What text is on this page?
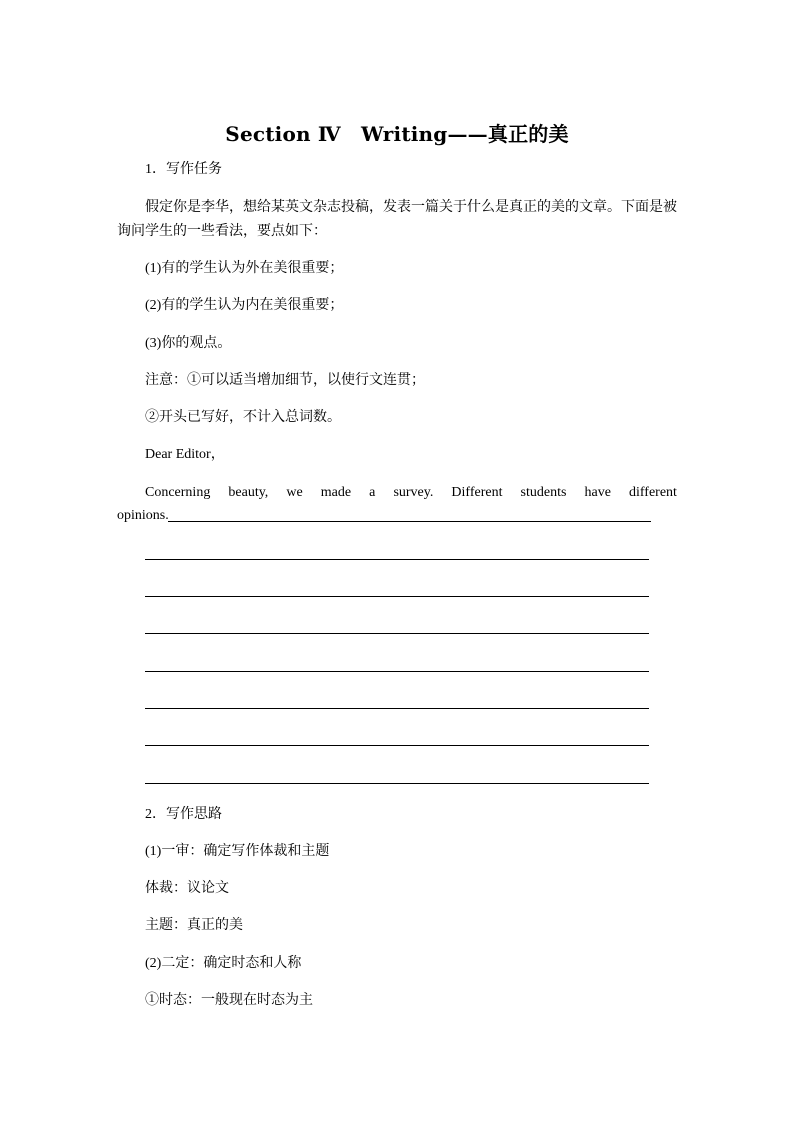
Section Ⅳ　Writing——真正的美
1．写作任务
假定你是李华，想给某英文杂志投稿，发表一篇关于什么是真正的美的文章。下面是被
询问学生的一些看法，要点如下：
(1)有的学生认为外在美很重要；
(2)有的学生认为内在美很重要；
(3)你的观点。
注意：①可以适当增加细节，以使行文连贯；
②开头已写好，不计入总词数。
Dear Editor，
Concerning beauty, we made a survey. Different students have different
opinions.
2．写作思路
(1)一审：确定写作体裁和主题
体裁：议论文
主题：真正的美
(2)二定：确定时态和人称
①时态：一般现在时态为主
